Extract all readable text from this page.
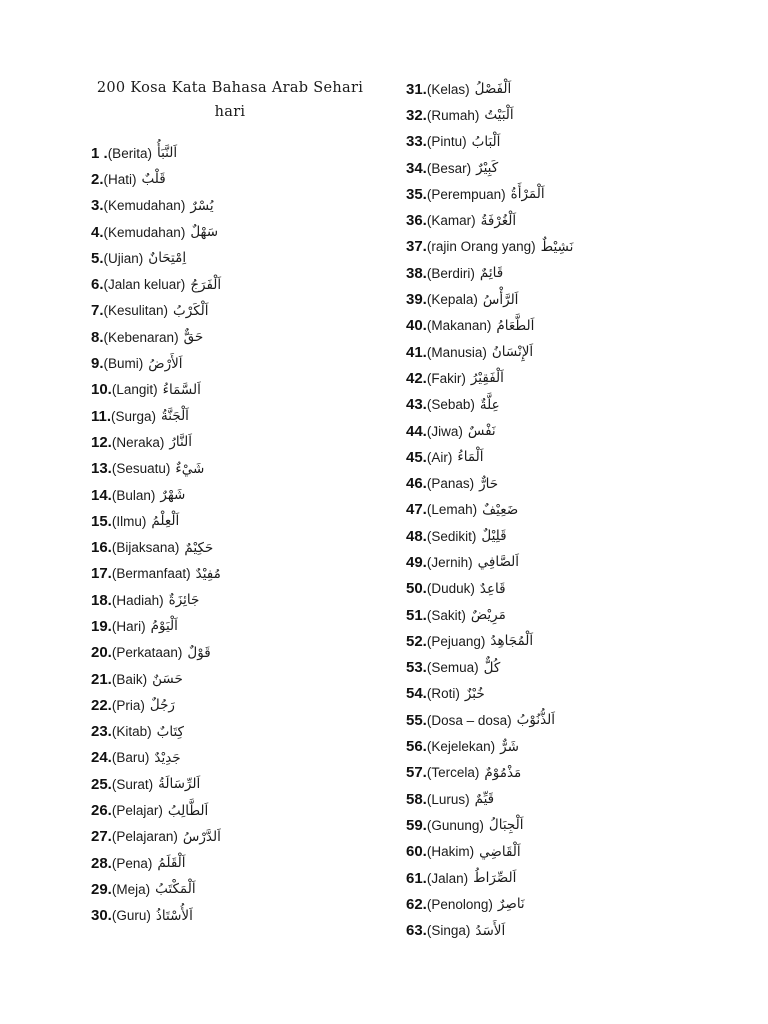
200 Kosa Kata Bahasa Arab Sehari hari
1 . (Berita) اَلنَّبَأُ
2. (Hati) قَلْبٌ
3. (Kemudahan) يُسْرٌ
4. (Kemudahan) سَهْلٌ
5. (Ujian) اِمْتِحَانٌ
6. (Jalan keluar) اَلْفَرَجُ
7. (Kesulitan) اَلْكَرْبُ
8. (Kebenaran) حَقٌّ
9. (Bumi) اَلأَرْضُ
10. (Langit) اَلسَّمَاءُ
11. (Surga) اَلْجَنَّةُ
12. (Neraka) اَلنَّارُ
13. (Sesuatu) شَيْءٌ
14. (Bulan) شَهْرٌ
15. (Ilmu) اَلْعِلْمُ
16. (Bijaksana) حَكِيْمٌ
17. (Bermanfaat) مُفِيْدٌ
18. (Hadiah) جَائِزَةٌ
19. (Hari) اَلْيَوْمُ
20. (Perkataan) قَوْلٌ
21. (Baik) حَسَنٌ
22. (Pria) رَجُلٌ
23. (Kitab) كِتَابٌ
24. (Baru) جَدِيْدٌ
25. (Surat) اَلرِّسَالَةُ
26. (Pelajar) اَلطَّالِبُ
27. (Pelajaran) اَلدَّرْسُ
28. (Pena) اَلْقَلَمُ
29. (Meja) اَلْمَكْتَبُ
30. (Guru) اَلأُسْتَاذُ
31. (Kelas) اَلْفَصْلُ
32. (Rumah) اَلْبَيْتُ
33. (Pintu) اَلْبَابُ
34. (Besar) كَبِيْرٌ
35. (Perempuan) اَلْمَرْأَةُ
36. (Kamar) اَلْغُرْفَةُ
37. (rajin Orang yang) نَشِيْطٌ
38. (Berdiri) قَائِمٌ
39. (Kepala) اَلرَّأْسُ
40. (Makanan) اَلطَّعَامُ
41. (Manusia) اَلإِنْسَانُ
42. (Fakir) اَلْفَقِيْرُ
43. (Sebab) عِلَّةٌ
44. (Jiwa) نَفْسٌ
45. (Air) اَلْمَاءُ
46. (Panas) حَارٌّ
47. (Lemah) ضَعِيْفٌ
48. (Sedikit) قَلِيْلٌ
49. (Jernih) اَلصَّافِي
50. (Duduk) قَاعِدٌ
51. (Sakit) مَرِيْضٌ
52. (Pejuang) اَلْمُجَاهِدُ
53. (Semua) كُلٌّ
54. (Roti) خُبْزٌ
55. (Dosa – dosa) اَلذُّنُوْبُ
56. (Kejelekan) شَرٌّ
57. (Tercela) مَذْمُوْمٌ
58. (Lurus) قَيِّمٌ
59. (Gunung) اَلْجِبَالُ
60. (Hakim) اَلْقَاضِي
61. (Jalan) اَلصِّرَاطُ
62. (Penolong) نَاصِرٌ
63. (Singa) اَلأَسَدُ
